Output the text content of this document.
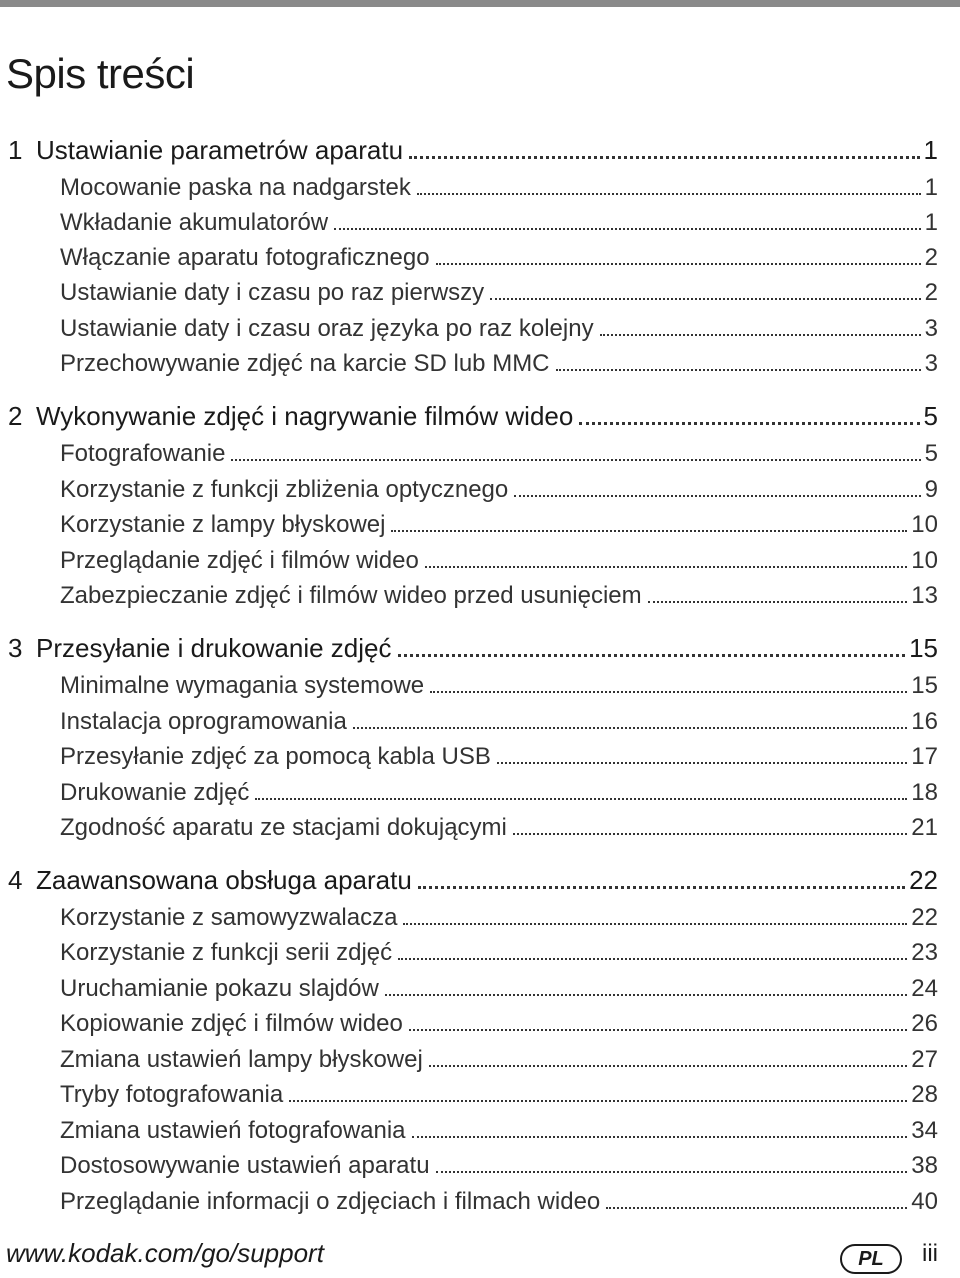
Spis treści
1 Ustawianie parametrów aparatu	1
Mocowanie paska na nadgarstek	1
Wkładanie akumulatorów	1
Włączanie aparatu fotograficznego	2
Ustawianie daty i czasu po raz pierwszy	2
Ustawianie daty i czasu oraz języka po raz kolejny	3
Przechowywanie zdjęć na karcie SD lub MMC	3
2 Wykonywanie zdjęć i nagrywanie filmów wideo	5
Fotografowanie	5
Korzystanie z funkcji zbliżenia optycznego	9
Korzystanie z lampy błyskowej	10
Przeglądanie zdjęć i filmów wideo	10
Zabezpieczanie zdjęć i filmów wideo przed usunięciem	13
3 Przesyłanie i drukowanie zdjęć	15
Minimalne wymagania systemowe	15
Instalacja oprogramowania	16
Przesyłanie zdjęć za pomocą kabla USB	17
Drukowanie zdjęć	18
Zgodność aparatu ze stacjami dokującymi	21
4 Zaawansowana obsługa aparatu	22
Korzystanie z samowyzwalacza	22
Korzystanie z funkcji serii zdjęć	23
Uruchamianie pokazu slajdów	24
Kopiowanie zdjęć i filmów wideo	26
Zmiana ustawień lampy błyskowej	27
Tryby fotografowania	28
Zmiana ustawień fotografowania	34
Dostosowywanie ustawień aparatu	38
Przeglądanie informacji o zdjęciach i filmach wideo	40
www.kodak.com/go/support	PL	iii
